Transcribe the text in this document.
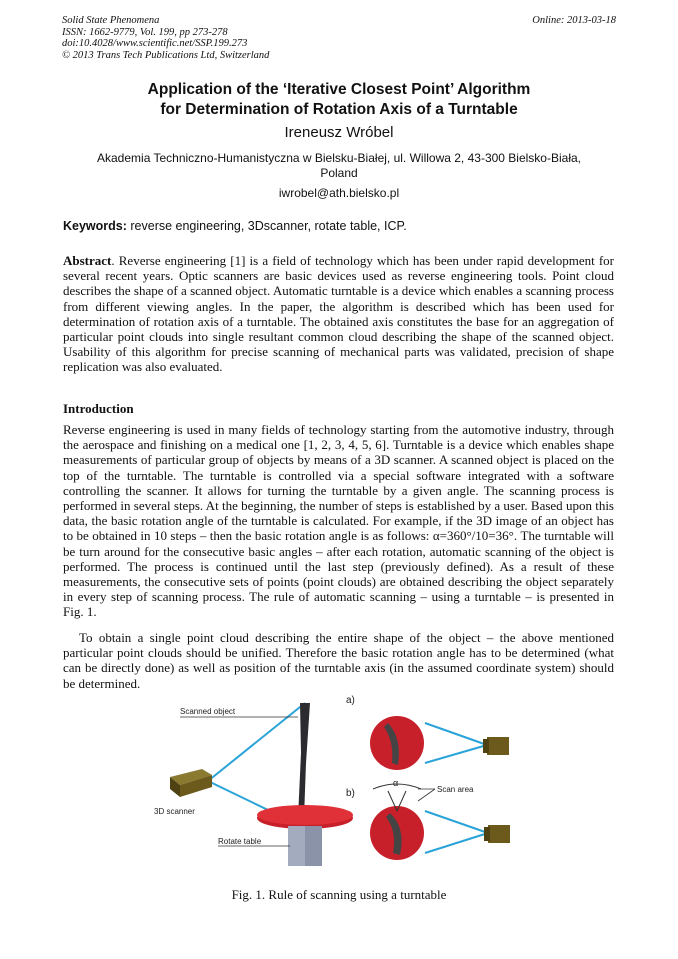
Solid State Phenomena
ISSN: 1662-9779, Vol. 199, pp 273-278
doi:10.4028/www.scientific.net/SSP.199.273
© 2013 Trans Tech Publications Ltd, Switzerland
Online: 2013-03-18
Application of the ‘Iterative Closest Point’ Algorithm
for Determination of Rotation Axis of a Turntable
Ireneusz Wróbel
Akademia Techniczno-Humanistyczna w Bielsku-Białej, ul. Willowa 2, 43-300 Bielsko-Biała, Poland
iwrobel@ath.bielsko.pl
Keywords: reverse engineering, 3Dscanner, rotate table, ICP.
Abstract. Reverse engineering [1] is a field of technology which has been under rapid development for several recent years. Optic scanners are basic devices used as reverse engineering tools. Point cloud describes the shape of a scanned object. Automatic turntable is a device which enables a scanning process from different viewing angles. In the paper, the algorithm is described which has been used for determination of rotation axis of a turntable. The obtained axis constitutes the base for an aggregation of particular point clouds into single resultant common cloud describing the shape of the scanned object. Usability of this algorithm for precise scanning of mechanical parts was validated, precision of shape replication was also evaluated.
Introduction
Reverse engineering is used in many fields of technology starting from the automotive industry, through the aerospace and finishing on a medical one [1, 2, 3, 4, 5, 6]. Turntable is a device which enables shape measurements of particular group of objects by means of a 3D scanner. A scanned object is placed on the top of the turntable. The turntable is controlled via a special software integrated with a software controlling the scanner. It allows for turning the turntable by a given angle. The scanning process is performed in several steps. At the beginning, the number of steps is established by a user. Based upon this data, the basic rotation angle of the turntable is calculated. For example, if the 3D image of an object has to be obtained in 10 steps – then the basic rotation angle is as follows: α=360°/10=36°. The turntable will be turn around for the consecutive basic angles – after each rotation, automatic scanning of the object is performed. The process is continued until the last step (previously defined). As a result of these measurements, the consecutive sets of points (point clouds) are obtained describing the object separately in every step of scanning process. The rule of automatic scanning – using a turntable – is presented in Fig. 1.
To obtain a single point cloud describing the entire shape of the object – the above mentioned particular point clouds should be unified. Therefore the basic rotation angle has to be determined (what can be directly done) as well as position of the turntable axis (in the assumed coordinate system) should be determined.
a)
b)
Scanned object
3D scanner
Rotate table
Scan area
α
Fig. 1. Rule of scanning using a turntable
